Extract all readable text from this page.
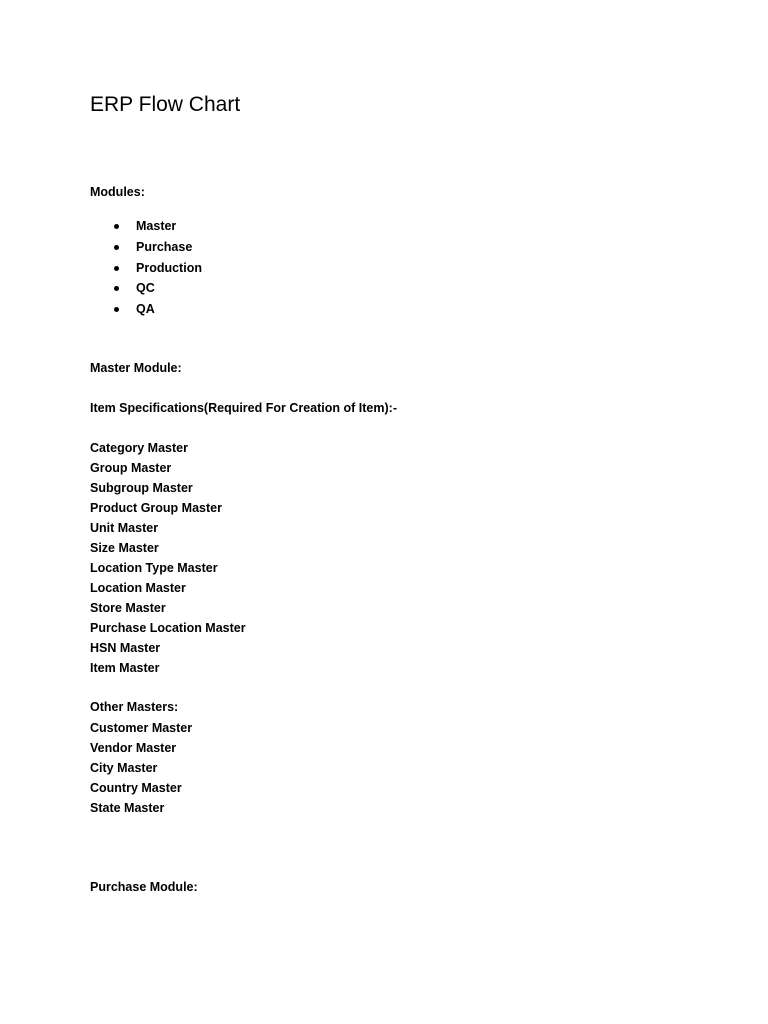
ERP Flow Chart

Modules:

Master
Purchase
Production
QC
QA

Master Module:

Item Specifications(Required For Creation of Item):-

Category Master
Group Master
Subgroup Master
Product Group Master
Unit Master
Size Master
Location Type Master
Location Master
Store Master
Purchase Location Master
HSN Master
Item Master

Other Masters:

Customer Master
Vendor Master
City Master
Country Master
State Master

Purchase Module:
